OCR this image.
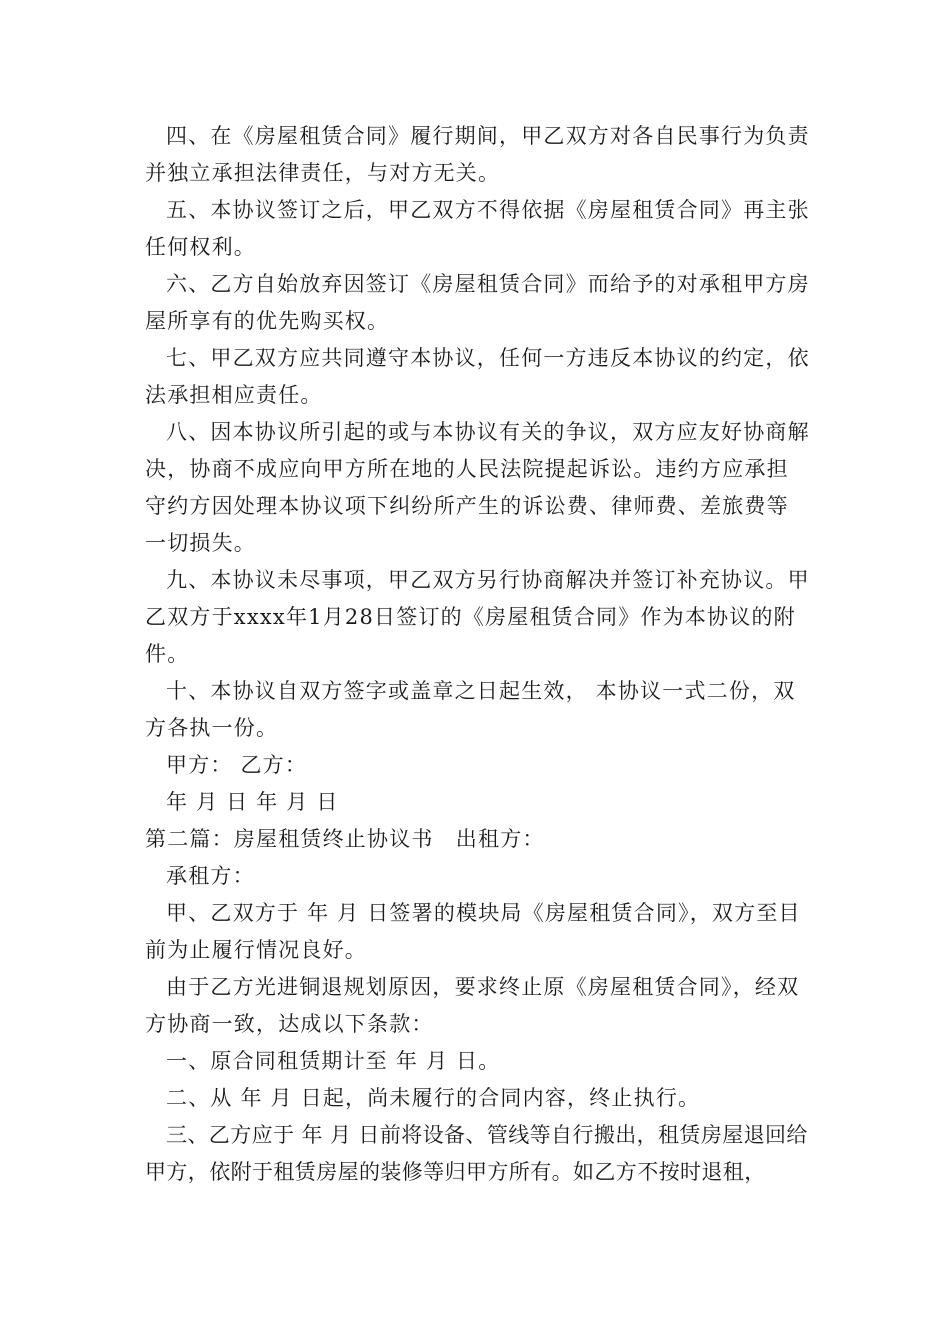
四、在《房屋租赁合同》履行期间，甲乙双方对各自民事行为负责并独立承担法律责任，与对方无关。

五、本协议签订之后，甲乙双方不得依据《房屋租赁合同》再主张任何权利。

六、乙方自始放弃因签订《房屋租赁合同》而给予的对承租甲方房屋所享有的优先购买权。

七、甲乙双方应共同遵守本协议，任何一方违反本协议的约定，依法承担相应责任。

八、因本协议所引起的或与本协议有关的争议，双方应友好协商解决，协商不成应向甲方所在地的人民法院提起诉讼。违约方应承担守约方因处理本协议项下纠纷所产生的诉讼费、律师费、差旅费等一切损失。

九、本协议未尽事项，甲乙双方另行协商解决并签订补充协议。甲乙双方于xxxx年1月28日签订的《房屋租赁合同》作为本协议的附件。

十、本协议自双方签字或盖章之日起生效， 本协议一式二份，双方各执一份。

甲方： 乙方：

年 月 日 年 月 日

第二篇：房屋租赁终止协议书　出租方：

承租方：

甲、乙双方于 年 月 日签署的模块局《房屋租赁合同》，双方至目前为止履行情况良好。

由于乙方光进铜退规划原因，要求终止原《房屋租赁合同》，经双方协商一致，达成以下条款：

一、原合同租赁期计至 年 月 日。

二、从 年 月 日起，尚未履行的合同内容，终止执行。

三、乙方应于 年 月 日前将设备、管线等自行搬出，租赁房屋退回给甲方，依附于租赁房屋的装修等归甲方所有。如乙方不按时退租，
